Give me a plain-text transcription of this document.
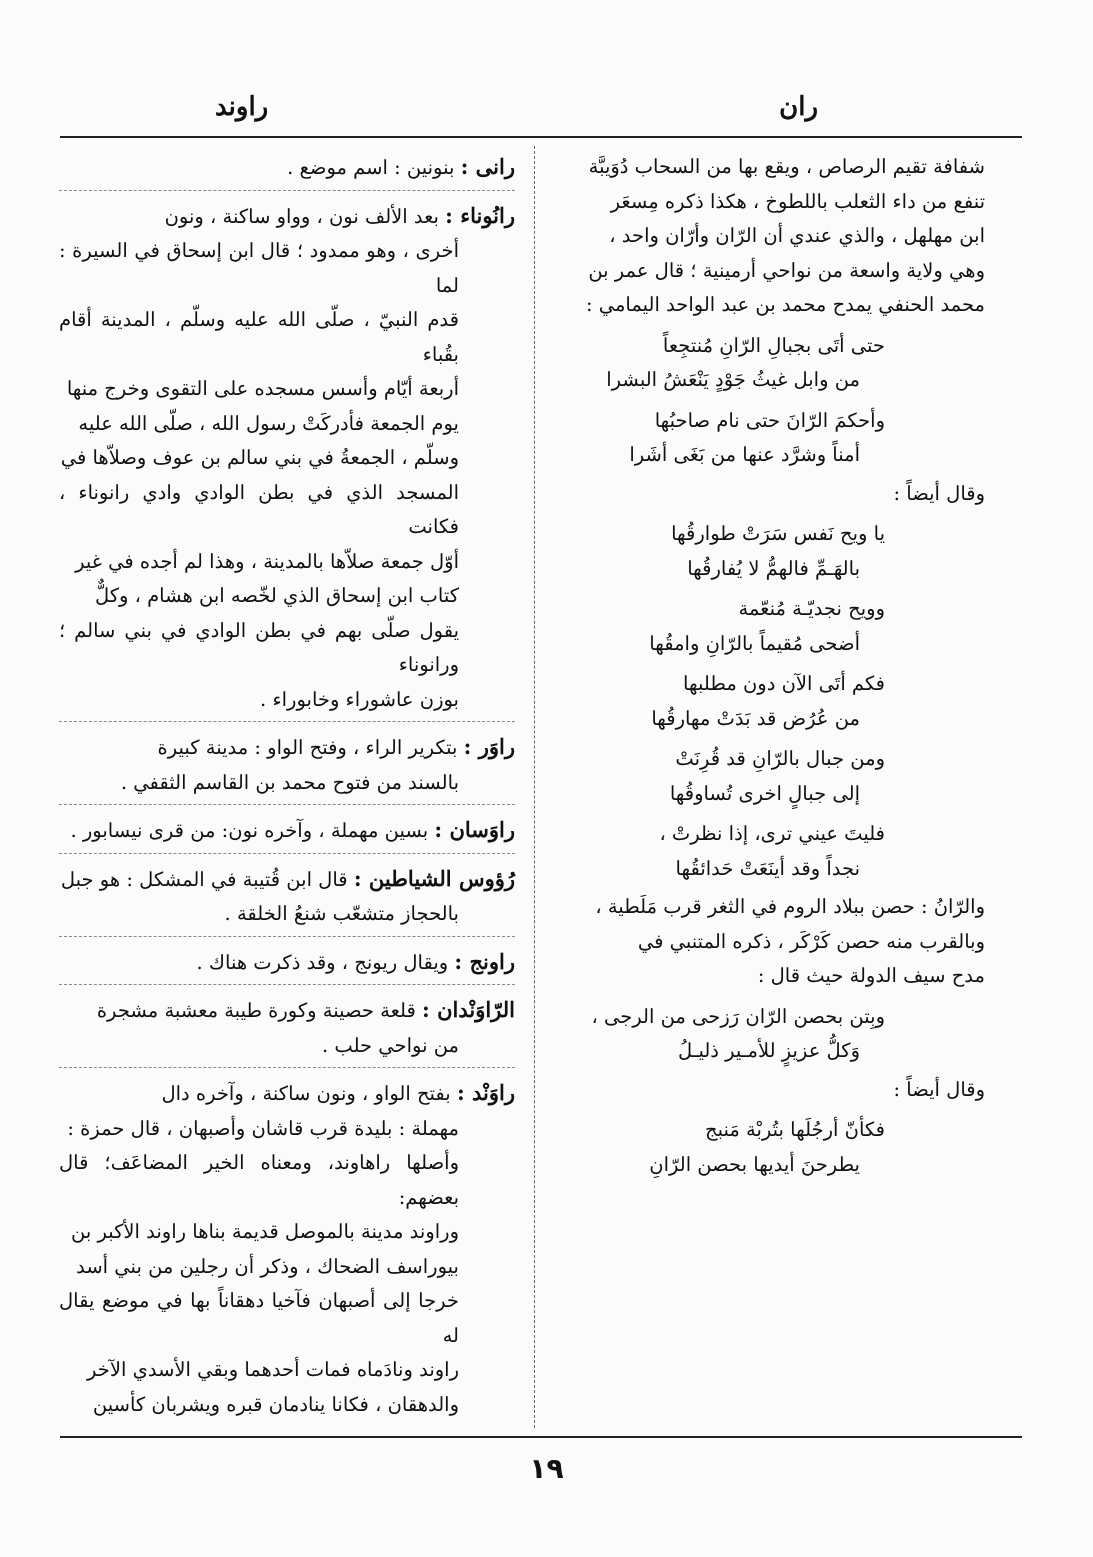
ران
راوند

شفافة تقيم الرصاص ، ويقع بها من السحاب دُوَيبَّة
تنفع من داء الثعلب باللطوخ ، هكذا ذكره مِسعَر
ابن مهلهل ، والذي عندي أن الرّان وأرّان واحد ،
وهي ولاية واسعة من نواحي أرمينية ؛ قال عمر بن
محمد الحنفي يمدح محمد بن عبد الواحد اليمامي :

حتى أتَى بجبالِ الرّانِ مُنتجِعاً
من وابل غيثُ جَوْدٍ يَنْعَشُ البشرا
وأحكمَ الرّانَ حتى نام صاحبُها
أمناً وشرَّد عنها من بَغَى أشَرا

وقال أيضاً :

يا ويح نَفس سَرَتْ طوارقُها
بالهَـمِّ فالهمُّ لا يُفارقُها
وويح نجديّـة مُنعّمة
أضحى مُقيماً بالرّانِ وامقُها
فكم أتَى الآن دون مطلبها
من عُرُض قد بَدَتْ مهارقُها
ومن جبال بالرّانِ قد قُرِنَتْ
إلى جبالٍ اخرى تُساوقُها
فليتَ عيني ترى، إذا نظرتْ ،
نجداً وقد أينَعَتْ حَدائقُها

والرّانُ : حصن ببلاد الروم في الثغر قرب مَلَطية ،
وبالقرب منه حصن كَرْكَر ، ذكره المتنبي في
مدح سيف الدولة حيث قال :

وبِتن بحصن الرّان رَزحى من الرجى ،
وَكلُّ عزيزٍ للأمـير ذليـلُ

وقال أيضاً :

فكأنّ أرجُلَها بتُربْة مَنبج
يطرحنَ أيديها بحصن الرّانِ
رانى : بنونين : اسم موضع .
رانُوناء : بعد الألف نون ، وواو ساكنة ، ونون
أخرى ، وهو ممدود ؛ قال ابن إسحاق في السيرة : لما
قدم النبيّ ، صلّى الله عليه وسلّم ، المدينة أقام بقُباء
أربعة أيّام وأسس مسجده على التقوى وخرج منها
يوم الجمعة فأدركَتْ رسول الله ، صلّى الله عليه
وسلّم ، الجمعةُ في بني سالم بن عوف وصلاّها في
المسجد الذي في بطن الوادي وادي رانوناء ، فكانت
أوّل جمعة صلاّها بالمدينة ، وهذا لم أجده في غير
كتاب ابن إسحاق الذي لخّصه ابن هشام ، وكلٌّ
يقول صلّى بهم في بطن الوادي في بني سالم ؛ ورانوناء
بوزن عاشوراء وخابوراء .
راوَر : بتكرير الراء ، وفتح الواو : مدينة كبيرة
بالسند من فتوح محمد بن القاسم الثقفي .
راوَسان : بسين مهملة ، وآخره نون: من قرى نيسابور .
رُؤوس الشياطين : قال ابن قُتيبة في المشكل : هو جبل
بالحجاز متشعّب شنعُ الخلقة .
راونج : ويقال ريونج ، وقد ذكرت هناك .
الرّاوَنْدان : قلعة حصينة وكورة طيبة معشبة مشجرة
من نواحي حلب .
راوَنْد : بفتح الواو ، ونون ساكنة ، وآخره دال
مهملة : بليدة قرب قاشان وأصبهان ، قال حمزة :
وأصلها راهاوند، ومعناه الخير المضاعَف؛ قال بعضهم:
وراوند مدينة بالموصل قديمة بناها راوند الأكبر بن
بيوراسف الضحاك ، وذكر أن رجلين من بني أسد
خرجا إلى أصبهان فآخيا دهقاناً بها في موضع يقال له
راوند ونادَماه فمات أحدهما وبقي الأسدي الآخر
والدهقان ، فكانا ينادمان قبره ويشربان كأسين
١٩
